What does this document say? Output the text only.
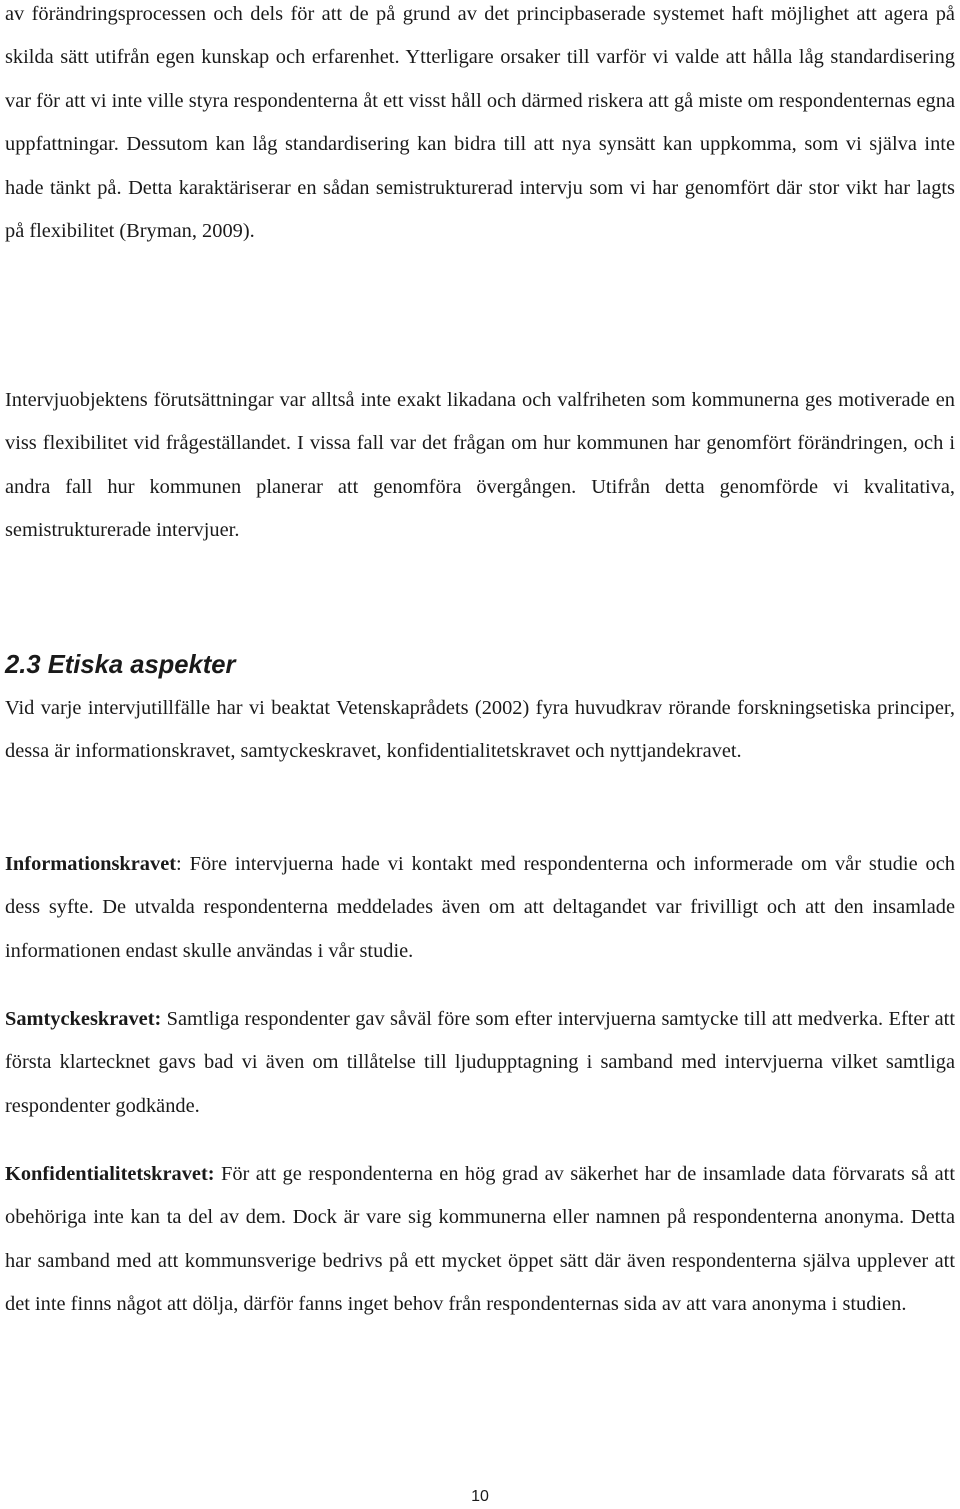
av förändringsprocessen och dels för att de på grund av det principbaserade systemet haft möjlighet att agera på skilda sätt utifrån egen kunskap och erfarenhet. Ytterligare orsaker till varför vi valde att hålla låg standardisering var för att vi inte ville styra respondenterna åt ett visst håll och därmed riskera att gå miste om respondenternas egna uppfattningar. Dessutom kan låg standardisering kan bidra till att nya synsätt kan uppkomma, som vi själva inte hade tänkt på. Detta karaktäriserar en sådan semistrukturerad intervju som vi har genomfört där stor vikt har lagts på flexibilitet (Bryman, 2009).

Intervjuobjektens förutsättningar var alltså inte exakt likadana och valfriheten som kommunerna ges motiverade en viss flexibilitet vid frågeställandet. I vissa fall var det frågan om hur kommunen har genomfört förändringen, och i andra fall hur kommunen planerar att genomföra övergången. Utifrån detta genomförde vi kvalitativa, semistrukturerade intervjuer.

2.3 Etiska aspekter

Vid varje intervjutillfälle har vi beaktat Vetenskaprådets (2002) fyra huvudkrav rörande forskningsetiska principer, dessa är informationskravet, samtyckeskravet, konfidentialitetskravet och nyttjandekravet.

Informationskravet: Före intervjuerna hade vi kontakt med respondenterna och informerade om vår studie och dess syfte. De utvalda respondenterna meddelades även om att deltagandet var frivilligt och att den insamlade informationen endast skulle användas i vår studie.

Samtyckeskravet: Samtliga respondenter gav såväl före som efter intervjuerna samtycke till att medverka. Efter att första klartecknet gavs bad vi även om tillåtelse till ljudupptagning i samband med intervjuerna vilket samtliga respondenter godkände.

Konfidentialitetskravet: För att ge respondenterna en hög grad av säkerhet har de insamlade data förvarats så att obehöriga inte kan ta del av dem. Dock är vare sig kommunerna eller namnen på respondenterna anonyma. Detta har samband med att kommunsverige bedrivs på ett mycket öppet sätt där även respondenterna själva upplever att det inte finns något att dölja, därför fanns inget behov från respondenternas sida av att vara anonyma i studien.

10
